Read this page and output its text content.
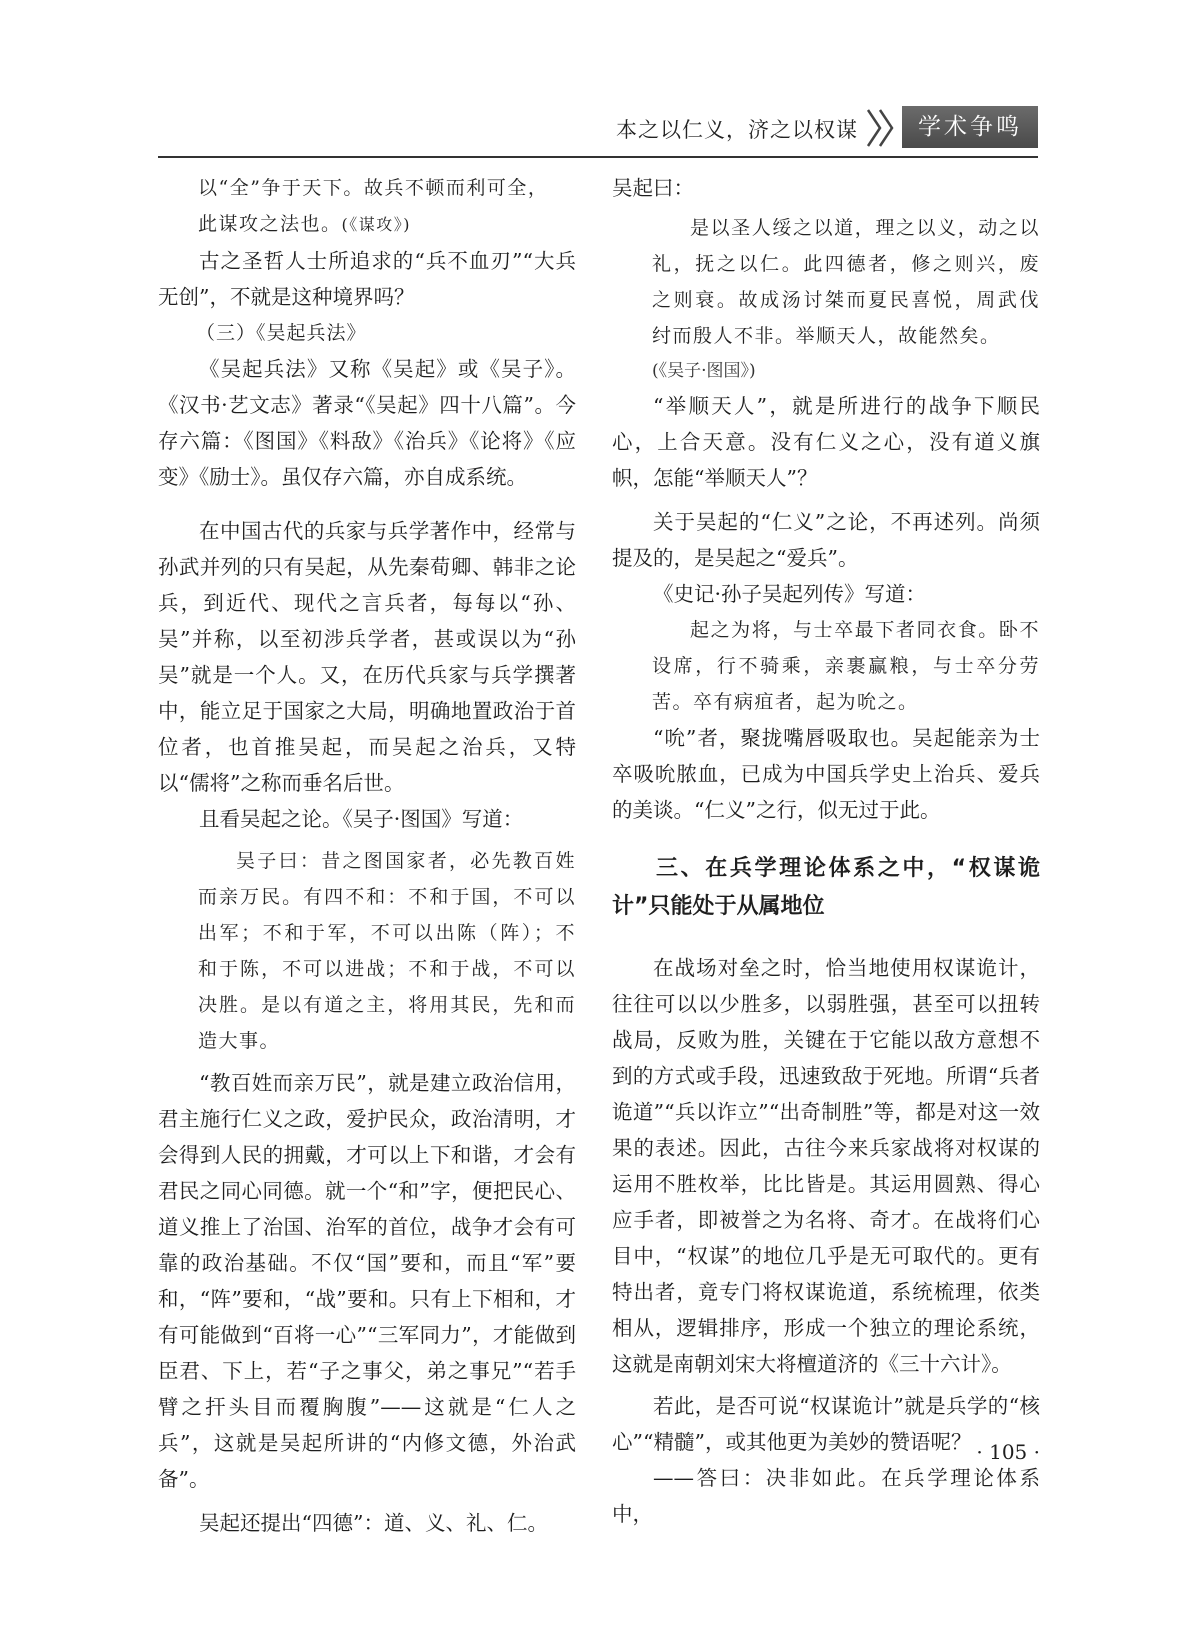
本之以仁义，济之以权谋	学术争鸣

以“全”争于天下。故兵不顿而利可全，

此谋攻之法也。(《谋攻》)

古之圣哲人士所追求的“兵不血刃”“大兵无创”，不就是这种境界吗？

（三）《吴起兵法》

《吴起兵法》又称《吴起》或《吴子》。《汉书·艺文志》著录“《吴起》四十八篇”。今存六篇：《图国》《料敌》《治兵》《论将》《应变》《励士》。虽仅存六篇，亦自成系统。

在中国古代的兵家与兵学著作中，经常与孙武并列的只有吴起，从先秦荀卿、韩非之论兵，到近代、现代之言兵者，每每以“孙、吴”并称，以至初涉兵学者，甚或误以为“孙吴”就是一个人。又，在历代兵家与兵学撰著中，能立足于国家之大局，明确地置政治于首位者，也首推吴起，而吴起之治兵，又特以“儒将”之称而垂名后世。

且看吴起之论。《吴子·图国》写道：

吴子曰：昔之图国家者，必先教百姓而亲万民。有四不和：不和于国，不可以出军；不和于军，不可以出陈（阵）；不和于陈，不可以进战；不和于战，不可以决胜。是以有道之主，将用其民，先和而造大事。

“教百姓而亲万民”，就是建立政治信用，君主施行仁义之政，爱护民众，政治清明，才会得到人民的拥戴，才可以上下和谐，才会有君民之同心同德。就一个“和”字，便把民心、道义推上了治国、治军的首位，战争才会有可靠的政治基础。不仅“国”要和，而且“军”要和，“阵”要和，“战”要和。只有上下相和，才有可能做到“百将一心”“三军同力”，才能做到臣君、下上，若“子之事父，弟之事兄”“若手臂之扞头目而覆胸腹”——这就是“仁人之兵”，这就是吴起所讲的“内修文德，外治武备”。

吴起还提出“四德”：道、义、礼、仁。

吴起曰：

是以圣人绥之以道，理之以义，动之以礼，抚之以仁。此四德者，修之则兴，废之则衰。故成汤讨桀而夏民喜悦，周武伐纣而殷人不非。举顺天人，故能然矣。

(《吴子·图国》)

“举顺天人”，就是所进行的战争下顺民心，上合天意。没有仁义之心，没有道义旗帜，怎能“举顺天人”？

关于吴起的“仁义”之论，不再述列。尚须提及的，是吴起之“爱兵”。

《史记·孙子吴起列传》写道：

起之为将，与士卒最下者同衣食。卧不设席，行不骑乘，亲裹赢粮，与士卒分劳苦。卒有病疽者，起为吮之。

“吮”者，聚拢嘴唇吸取也。吴起能亲为士卒吸吮脓血，已成为中国兵学史上治兵、爱兵的美谈。“仁义”之行，似无过于此。

三、在兵学理论体系之中，“权谋诡计”只能处于从属地位

在战场对垒之时，恰当地使用权谋诡计，往往可以以少胜多，以弱胜强，甚至可以扭转战局，反败为胜，关键在于它能以敌方意想不到的方式或手段，迅速致敌于死地。所谓“兵者诡道”“兵以诈立”“出奇制胜”等，都是对这一效果的表述。因此，古往今来兵家战将对权谋的运用不胜枚举，比比皆是。其运用圆熟、得心应手者，即被誉之为名将、奇才。在战将们心目中，“权谋”的地位几乎是无可取代的。更有特出者，竟专门将权谋诡道，系统梳理，依类相从，逻辑排序，形成一个独立的理论系统，这就是南朝刘宋大将檀道济的《三十六计》。

若此，是否可说“权谋诡计”就是兵学的“核心”“精髓”，或其他更为美妙的赞语呢？

——答曰：决非如此。在兵学理论体系中，

· 105 ·
